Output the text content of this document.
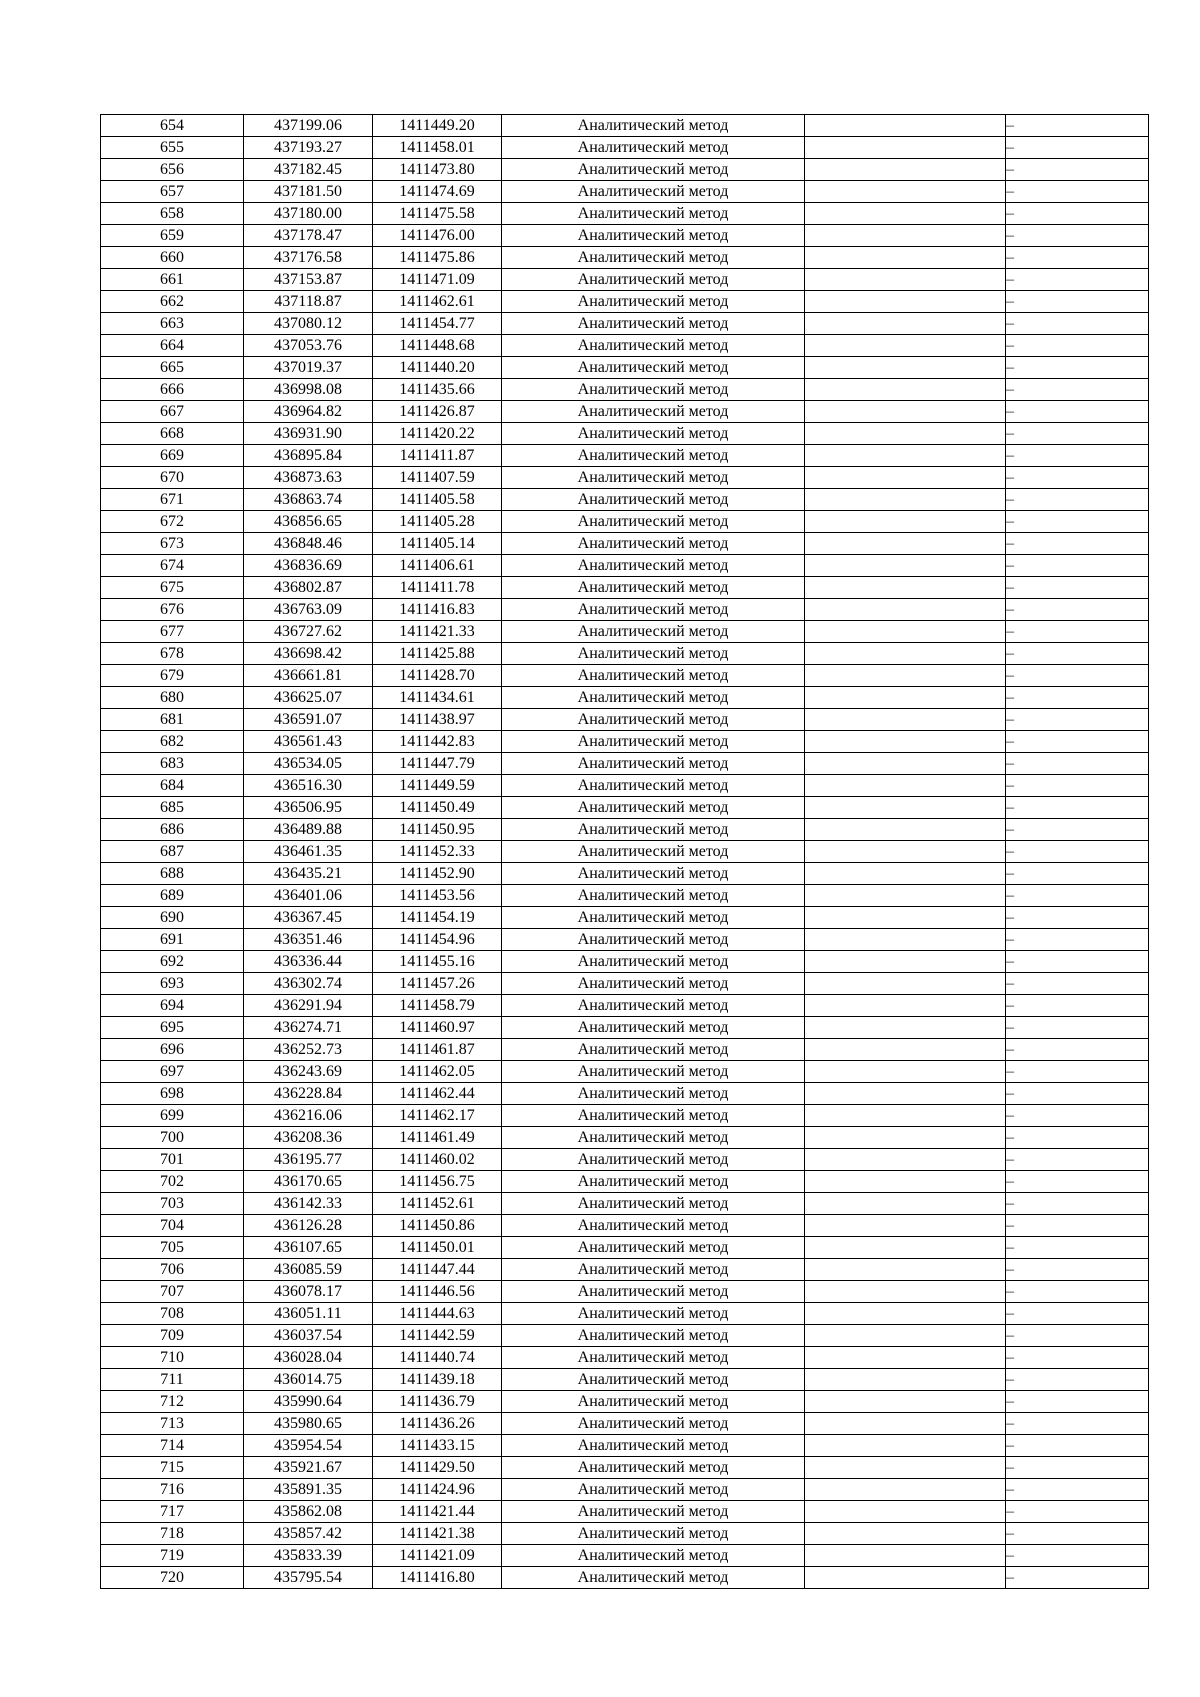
654	437199.06	1411449.20	Аналитический метод		–
655	437193.27	1411458.01	Аналитический метод		–
656	437182.45	1411473.80	Аналитический метод		–
657	437181.50	1411474.69	Аналитический метод		–
658	437180.00	1411475.58	Аналитический метод		–
659	437178.47	1411476.00	Аналитический метод		–
660	437176.58	1411475.86	Аналитический метод		–
661	437153.87	1411471.09	Аналитический метод		–
662	437118.87	1411462.61	Аналитический метод		–
663	437080.12	1411454.77	Аналитический метод		–
664	437053.76	1411448.68	Аналитический метод		–
665	437019.37	1411440.20	Аналитический метод		–
666	436998.08	1411435.66	Аналитический метод		–
667	436964.82	1411426.87	Аналитический метод		–
668	436931.90	1411420.22	Аналитический метод		–
669	436895.84	1411411.87	Аналитический метод		–
670	436873.63	1411407.59	Аналитический метод		–
671	436863.74	1411405.58	Аналитический метод		–
672	436856.65	1411405.28	Аналитический метод		–
673	436848.46	1411405.14	Аналитический метод		–
674	436836.69	1411406.61	Аналитический метод		–
675	436802.87	1411411.78	Аналитический метод		–
676	436763.09	1411416.83	Аналитический метод		–
677	436727.62	1411421.33	Аналитический метод		–
678	436698.42	1411425.88	Аналитический метод		–
679	436661.81	1411428.70	Аналитический метод		–
680	436625.07	1411434.61	Аналитический метод		–
681	436591.07	1411438.97	Аналитический метод		–
682	436561.43	1411442.83	Аналитический метод		–
683	436534.05	1411447.79	Аналитический метод		–
684	436516.30	1411449.59	Аналитический метод		–
685	436506.95	1411450.49	Аналитический метод		–
686	436489.88	1411450.95	Аналитический метод		–
687	436461.35	1411452.33	Аналитический метод		–
688	436435.21	1411452.90	Аналитический метод		–
689	436401.06	1411453.56	Аналитический метод		–
690	436367.45	1411454.19	Аналитический метод		–
691	436351.46	1411454.96	Аналитический метод		–
692	436336.44	1411455.16	Аналитический метод		–
693	436302.74	1411457.26	Аналитический метод		–
694	436291.94	1411458.79	Аналитический метод		–
695	436274.71	1411460.97	Аналитический метод		–
696	436252.73	1411461.87	Аналитический метод		–
697	436243.69	1411462.05	Аналитический метод		–
698	436228.84	1411462.44	Аналитический метод		–
699	436216.06	1411462.17	Аналитический метод		–
700	436208.36	1411461.49	Аналитический метод		–
701	436195.77	1411460.02	Аналитический метод		–
702	436170.65	1411456.75	Аналитический метод		–
703	436142.33	1411452.61	Аналитический метод		–
704	436126.28	1411450.86	Аналитический метод		–
705	436107.65	1411450.01	Аналитический метод		–
706	436085.59	1411447.44	Аналитический метод		–
707	436078.17	1411446.56	Аналитический метод		–
708	436051.11	1411444.63	Аналитический метод		–
709	436037.54	1411442.59	Аналитический метод		–
710	436028.04	1411440.74	Аналитический метод		–
711	436014.75	1411439.18	Аналитический метод		–
712	435990.64	1411436.79	Аналитический метод		–
713	435980.65	1411436.26	Аналитический метод		–
714	435954.54	1411433.15	Аналитический метод		–
715	435921.67	1411429.50	Аналитический метод		–
716	435891.35	1411424.96	Аналитический метод		–
717	435862.08	1411421.44	Аналитический метод		–
718	435857.42	1411421.38	Аналитический метод		–
719	435833.39	1411421.09	Аналитический метод		–
720	435795.54	1411416.80	Аналитический метод		–
